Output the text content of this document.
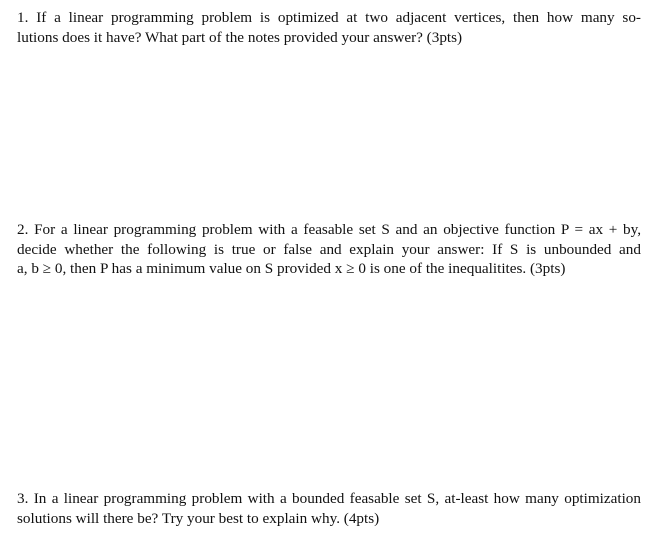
1. If a linear programming problem is optimized at two adjacent vertices, then how many so-
lutions does it have? What part of the notes provided your answer? (3pts)
2. For a linear programming problem with a feasable set S and an objective function P = ax + by,
decide whether the following is true or false and explain your answer: If S is unbounded and
a, b ≥ 0, then P has a minimum value on S provided x ≥ 0 is one of the inequalitites. (3pts)
3. In a linear programming problem with a bounded feasable set S, at-least how many optimization
solutions will there be? Try your best to explain why. (4pts)
